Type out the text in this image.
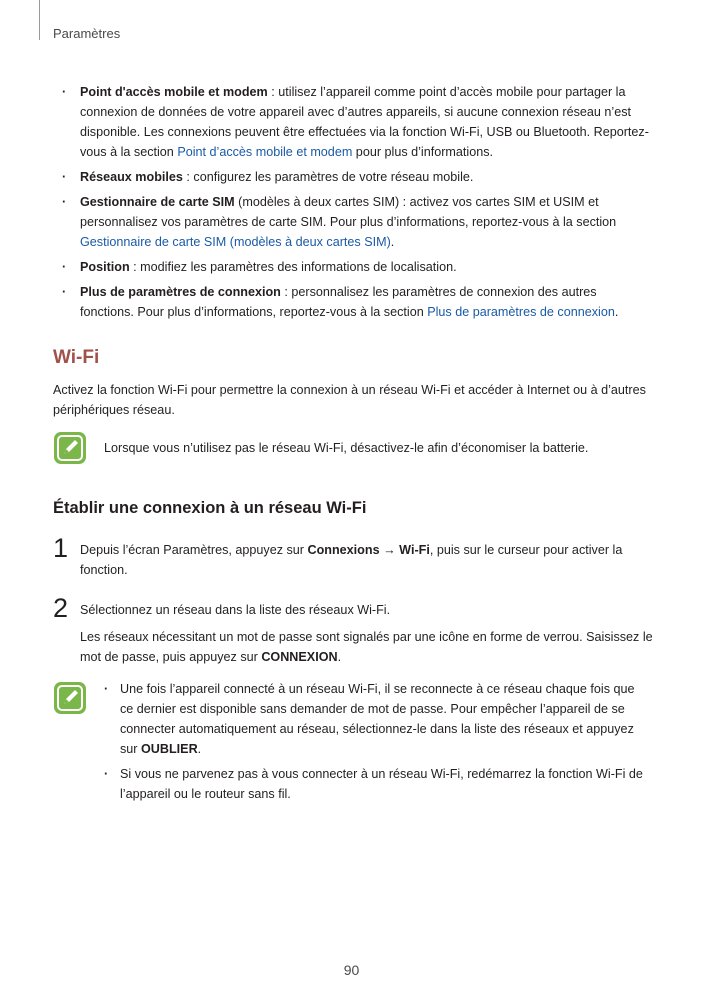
Paramètres
· Point d'accès mobile et modem : utilisez l’appareil comme point d’accès mobile pour partager la connexion de données de votre appareil avec d’autres appareils, si aucune connexion réseau n’est disponible. Les connexions peuvent être effectuées via la fonction Wi-Fi, USB ou Bluetooth. Reportez-vous à la section Point d’accès mobile et modem pour plus d’informations.
· Réseaux mobiles : configurez les paramètres de votre réseau mobile.
· Gestionnaire de carte SIM (modèles à deux cartes SIM) : activez vos cartes SIM et USIM et personnalisez vos paramètres de carte SIM. Pour plus d’informations, reportez-vous à la section Gestionnaire de carte SIM (modèles à deux cartes SIM).
· Position : modifiez les paramètres des informations de localisation.
· Plus de paramètres de connexion : personnalisez les paramètres de connexion des autres fonctions. Pour plus d’informations, reportez-vous à la section Plus de paramètres de connexion.
Wi-Fi
Activez la fonction Wi-Fi pour permettre la connexion à un réseau Wi-Fi et accéder à Internet ou à d’autres périphériques réseau.
Lorsque vous n’utilisez pas le réseau Wi-Fi, désactivez-le afin d’économiser la batterie.
Établir une connexion à un réseau Wi-Fi
1 Depuis l’écran Paramètres, appuyez sur Connexions → Wi-Fi, puis sur le curseur pour activer la fonction.
2 Sélectionnez un réseau dans la liste des réseaux Wi-Fi.
Les réseaux nécessitant un mot de passe sont signalés par une icône en forme de verrou. Saisissez le mot de passe, puis appuyez sur CONNEXION.
· Une fois l’appareil connecté à un réseau Wi-Fi, il se reconnecte à ce réseau chaque fois que ce dernier est disponible sans demander de mot de passe. Pour empêcher l’appareil de se connecter automatiquement au réseau, sélectionnez-le dans la liste des réseaux et appuyez sur OUBLIER.
· Si vous ne parvenez pas à vous connecter à un réseau Wi-Fi, redémarrez la fonction Wi-Fi de l’appareil ou le routeur sans fil.
90
